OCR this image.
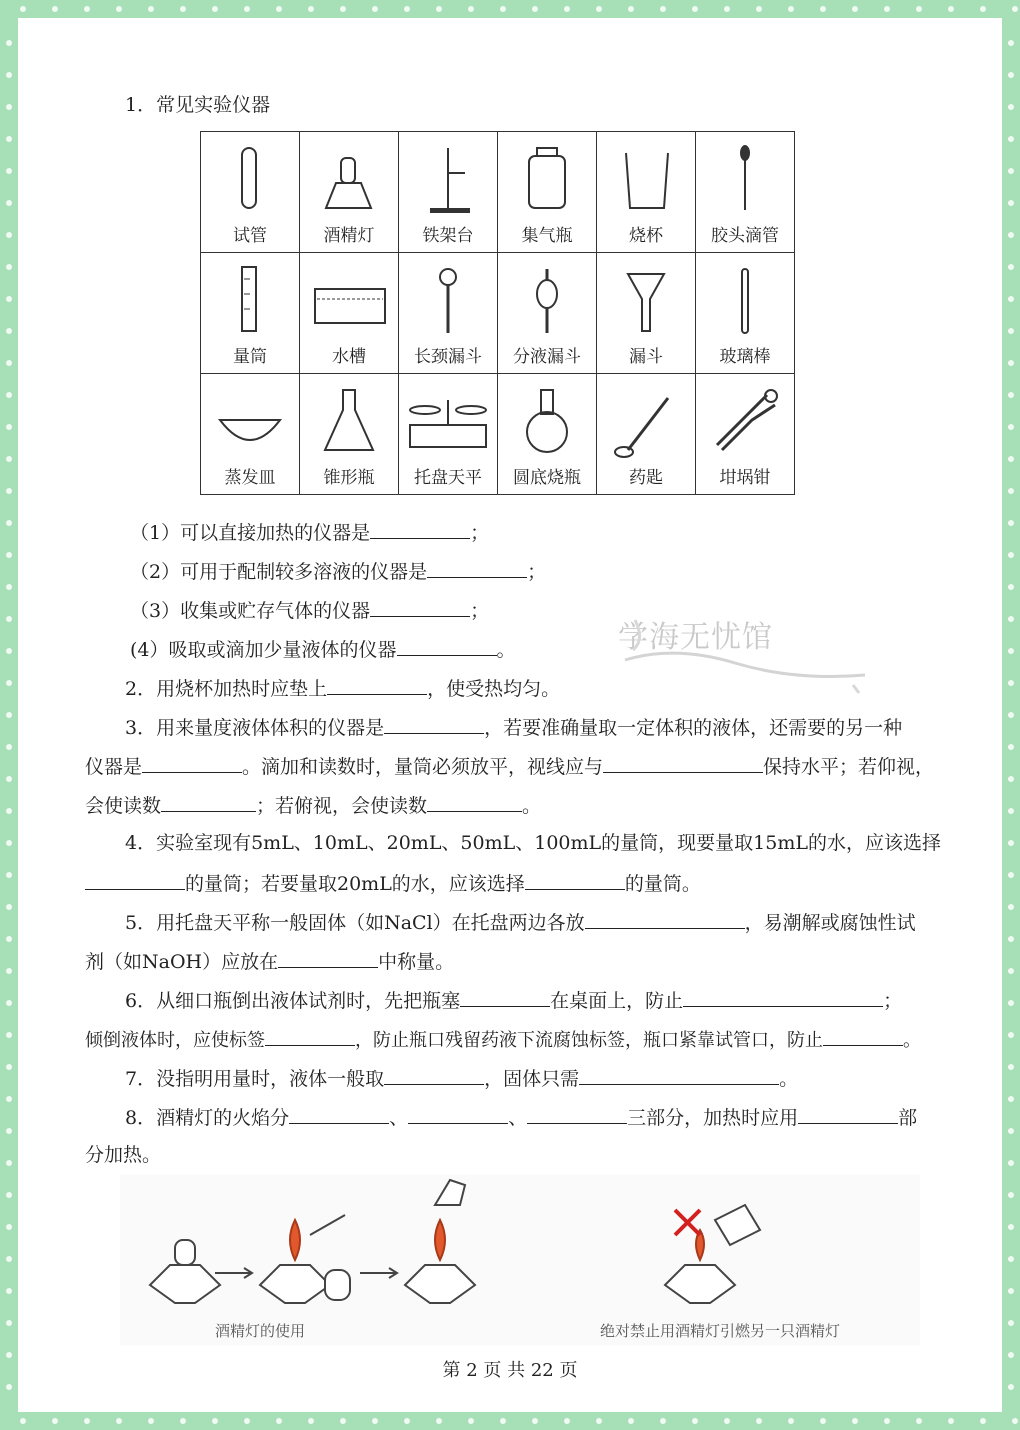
1．常见实验仪器
试管	酒精灯	铁架台	集气瓶	烧杯	胶头滴管

量筒	水槽	长颈漏斗	分液漏斗	漏斗	玻璃棒

蒸发皿	锥形瓶	托盘天平	圆底烧瓶	药匙	坩埚钳
学海无忧馆
（1）可以直接加热的仪器是	；
（2）可用于配制较多溶液的仪器是	；
（3）收集或贮存气体的仪器	；
(4）吸取或滴加少量液体的仪器	。
2．用烧杯加热时应垫上	，使受热均匀。
3．用来量度液体体积的仪器是	，若要准确量取一定体积的液体，还需要的另一种
仪器是	。滴加和读数时，量筒必须放平，视线应与	保持水平；若仰视，
会使读数	；若俯视，会使读数	。
4．实验室现有5mL、10mL、20mL、50mL、100mL的量筒，现要量取15mL的水，应该选择
的量筒；若要量取20mL的水，应该选择	的量筒。
5．用托盘天平称一般固体（如NaCl）在托盘两边各放	，易潮解或腐蚀性试
剂（如NaOH）应放在	中称量。
6．从细口瓶倒出液体试剂时，先把瓶塞	在桌面上，防止	；
倾倒液体时，应使标签	，防止瓶口残留药液下流腐蚀标签，瓶口紧靠试管口，防止	。
7．没指明用量时，液体一般取	，固体只需	。
8．酒精灯的火焰分	、	、	三部分，加热时应用	部
分加热。
酒精灯的使用	绝对禁止用酒精灯引燃另一只酒精灯
第 2 页 共 22 页
